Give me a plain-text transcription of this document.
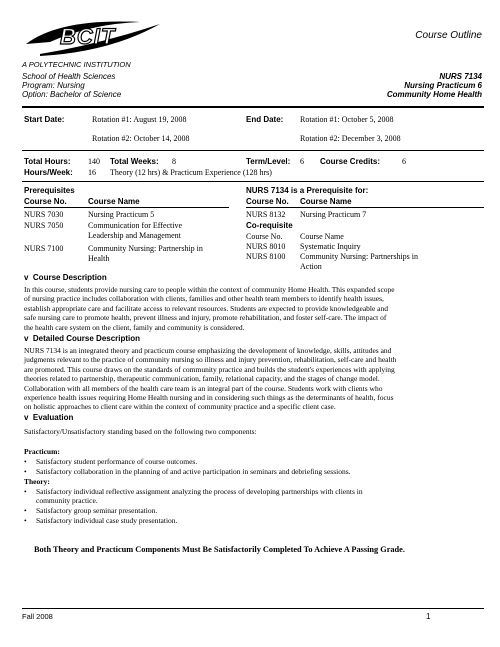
BCIT
A POLYTECHNIC INSTITUTION
Course Outline
School of Health Sciences
Program: Nursing
Option: Bachelor of Science
NURS 7134
Nursing Practicum 6
Community Home Health
Start Date:	Rotation #1: August 19, 2008
Rotation #2: October 14, 2008
End Date: Rotation #1: October 5, 2008
Rotation #2: December 3, 2008
Total Hours: 140 Total Weeks: 8	Term/Level: 6 Course Credits:	6
Hours/Week: 16 Theory (12 hrs) & Practicum Experience (128 hrs)
Prerequisites
Course No.	Course Name
NURS 7030	Nursing Practicum 5
NURS 7050	Communication for Effective
Leadership and Management
NURS 7100	Community Nursing: Partnership in
Health
NURS 7134 is a Prerequisite for:
Course No. Course Name
NURS 8132 Nursing Practicum 7
Co-requisite
Course No. Course Name
NURS 8010 Systematic Inquiry
NURS 8100 Community Nursing: Partnerships in
Action
v Course Description
In this course, students provide nursing care to people within the context of community Home Health. This expanded scope
of nursing practice includes collaboration with clients, families and other health team members to identify health issues,
establish appropriate care and facilitate access to relevant resources. Students are expected to provide knowledgeable and
safe nursing care to promote health, prevent illness and injury, promote rehabilitation, and foster self-care. The impact of
the health care system on the client, family and community is considered.
v Detailed Course Description
NURS 7134 is an integrated theory and practicum course emphasizing the development of knowledge, skills, attitudes and
judgments relevant to the practice of community nursing so illness and injury prevention, rehabilitation, self-care and health
are promoted. This course draws on the standards of community practice and builds the student's experiences with applying
theories related to partnership, therapeutic communication, family, relational capacity, and the stages of change model.
Collaboration with all members of the health care team is an integral part of the course. Students work with clients who
experience health issues requiring Home Health nursing and in considering such things as the determinants of health, focus
on holistic approaches to client care within the context of community practice and a specific client case.
v Evaluation
Satisfactory/Unsatisfactory standing based on the following two components:
Practicum:
• Satisfactory student performance of course outcomes.
• Satisfactory collaboration in the planning of and active participation in seminars and debriefing sessions.
Theory:
• Satisfactory individual reflective assignment analyzing the process of developing partnerships with clients in
community practice.
• Satisfactory group seminar presentation.
• Satisfactory individual case study presentation.
Both Theory and Practicum Components Must Be Satisfactorily Completed To Achieve A Passing Grade.
Fall 2008	1
